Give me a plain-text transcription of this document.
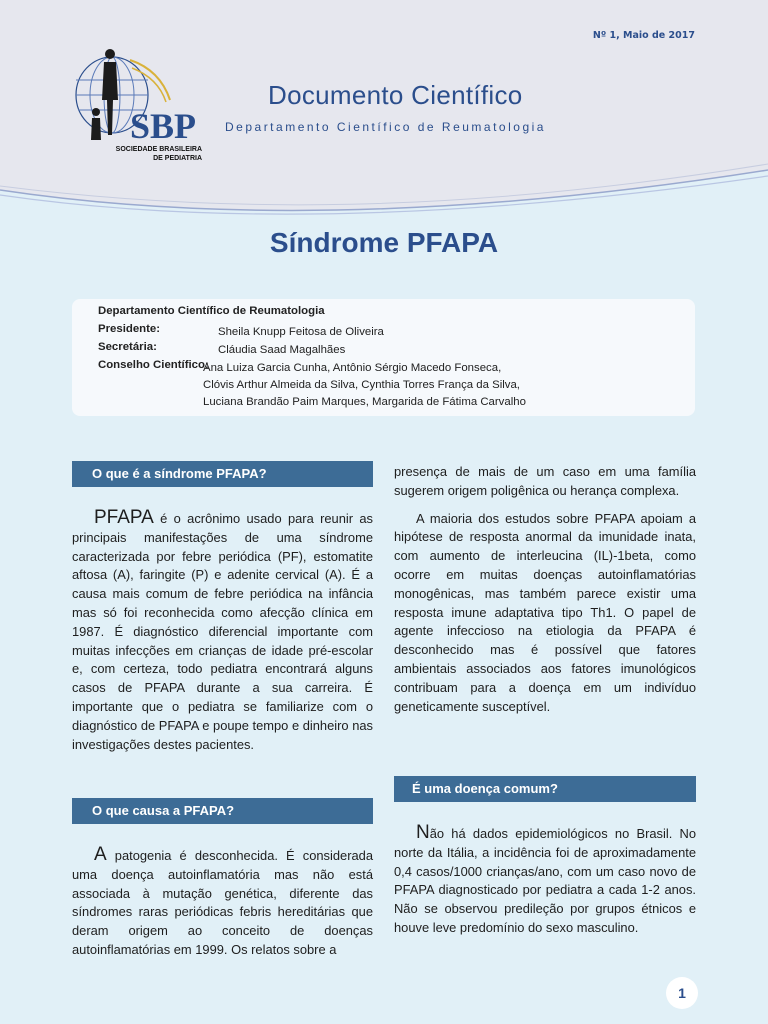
Nº 1, Maio de 2017
SBP
SOCIEDADE BRASILEIRA
DE PEDIATRIA
Documento Científico
Departamento Científico de Reumatologia
Síndrome PFAPA
Departamento Científico de Reumatologia
Presidente:	Sheila Knupp Feitosa de Oliveira
Secretária:	Cláudia Saad Magalhães
Conselho Científico:
Ana Luiza Garcia Cunha, Antônio Sérgio Macedo Fonseca,
Clóvis Arthur Almeida da Silva, Cynthia Torres França da Silva,
Luciana Brandão Paim Marques, Margarida de Fátima Carvalho
O que é a síndrome PFAPA?

PFAPA é o acrônimo usado para reunir as principais manifestações de uma síndrome caracterizada por febre periódica (PF), estomatite aftosa (A), faringite (P) e adenite cervical (A). É a causa mais comum de febre periódica na infância mas só foi reconhecida como afecção clínica em 1987. É diagnóstico diferencial importante com muitas infecções em crianças de idade pré-escolar e, com certeza, todo pediatra encontrará alguns casos de PFAPA durante a sua carreira. É importante que o pediatra se familiarize com o diagnóstico de PFAPA e poupe tempo e dinheiro nas investigações destes pacientes.

O que causa a PFAPA?

A patogenia é desconhecida. É considerada uma doença autoinflamatória mas não está associada à mutação genética, diferente das síndromes raras periódicas febris hereditárias que deram origem ao conceito de doenças autoinflamatórias em 1999. Os relatos sobre a

presença de mais de um caso em uma família sugerem origem poligênica ou herança complexa.

A maioria dos estudos sobre PFAPA apoiam a hipótese de resposta anormal da imunidade inata, com aumento de interleucina (IL)-1beta, como ocorre em muitas doenças autoinflamatórias monogênicas, mas também parece existir uma resposta imune adaptativa tipo Th1. O papel de agente infeccioso na etiologia da PFAPA é desconhecido mas é possível que fatores ambientais associados aos fatores imunológicos contribuam para a doença em um indivíduo geneticamente susceptível.

É uma doença comum?

Não há dados epidemiológicos no Brasil. No norte da Itália, a incidência foi de aproximadamente 0,4 casos/1000 crianças/ano, com um caso novo de PFAPA diagnosticado por pediatra a cada 1-2 anos. Não se observou predileção por grupos étnicos e houve leve predomínio do sexo masculino.

1
